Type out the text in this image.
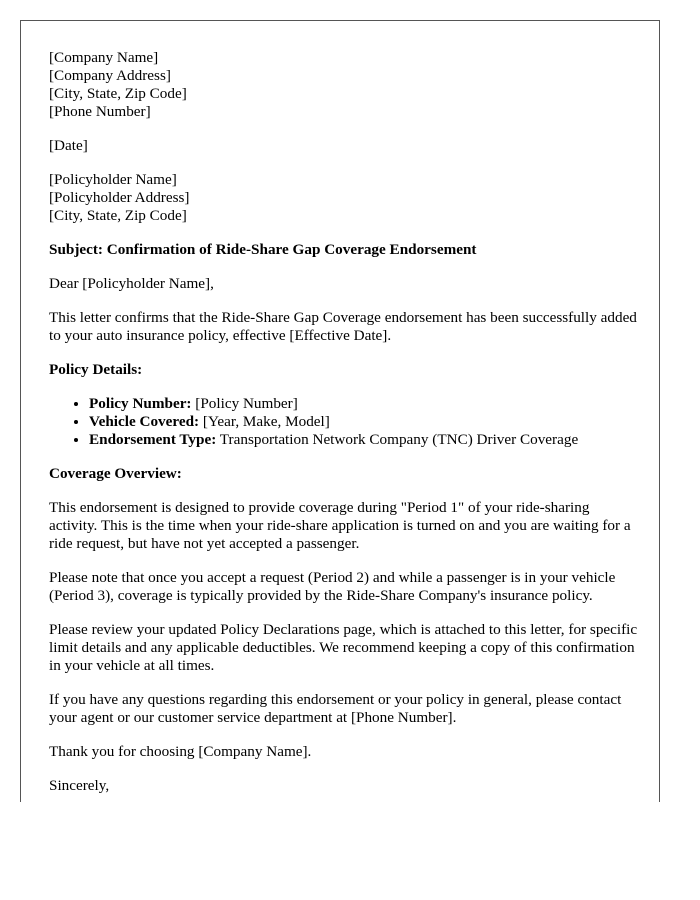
[Company Name]
[Company Address]
[City, State, Zip Code]
[Phone Number]

[Date]

[Policyholder Name]
[Policyholder Address]
[City, State, Zip Code]

Subject: Confirmation of Ride-Share Gap Coverage Endorsement

Dear [Policyholder Name],

This letter confirms that the Ride-Share Gap Coverage endorsement has been successfully added to your auto insurance policy, effective [Effective Date].

Policy Details:
• Policy Number: [Policy Number]
• Vehicle Covered: [Year, Make, Model]
• Endorsement Type: Transportation Network Company (TNC) Driver Coverage
Coverage Overview:

This endorsement is designed to provide coverage during "Period 1" of your ride-sharing activity. This is the time when your ride-share application is turned on and you are waiting for a ride request, but have not yet accepted a passenger.

Please note that once you accept a request (Period 2) and while a passenger is in your vehicle (Period 3), coverage is typically provided by the Ride-Share Company's insurance policy.

Please review your updated Policy Declarations page, which is attached to this letter, for specific limit details and any applicable deductibles. We recommend keeping a copy of this confirmation in your vehicle at all times.

If you have any questions regarding this endorsement or your policy in general, please contact your agent or our customer service department at [Phone Number].

Thank you for choosing [Company Name].

Sincerely,
